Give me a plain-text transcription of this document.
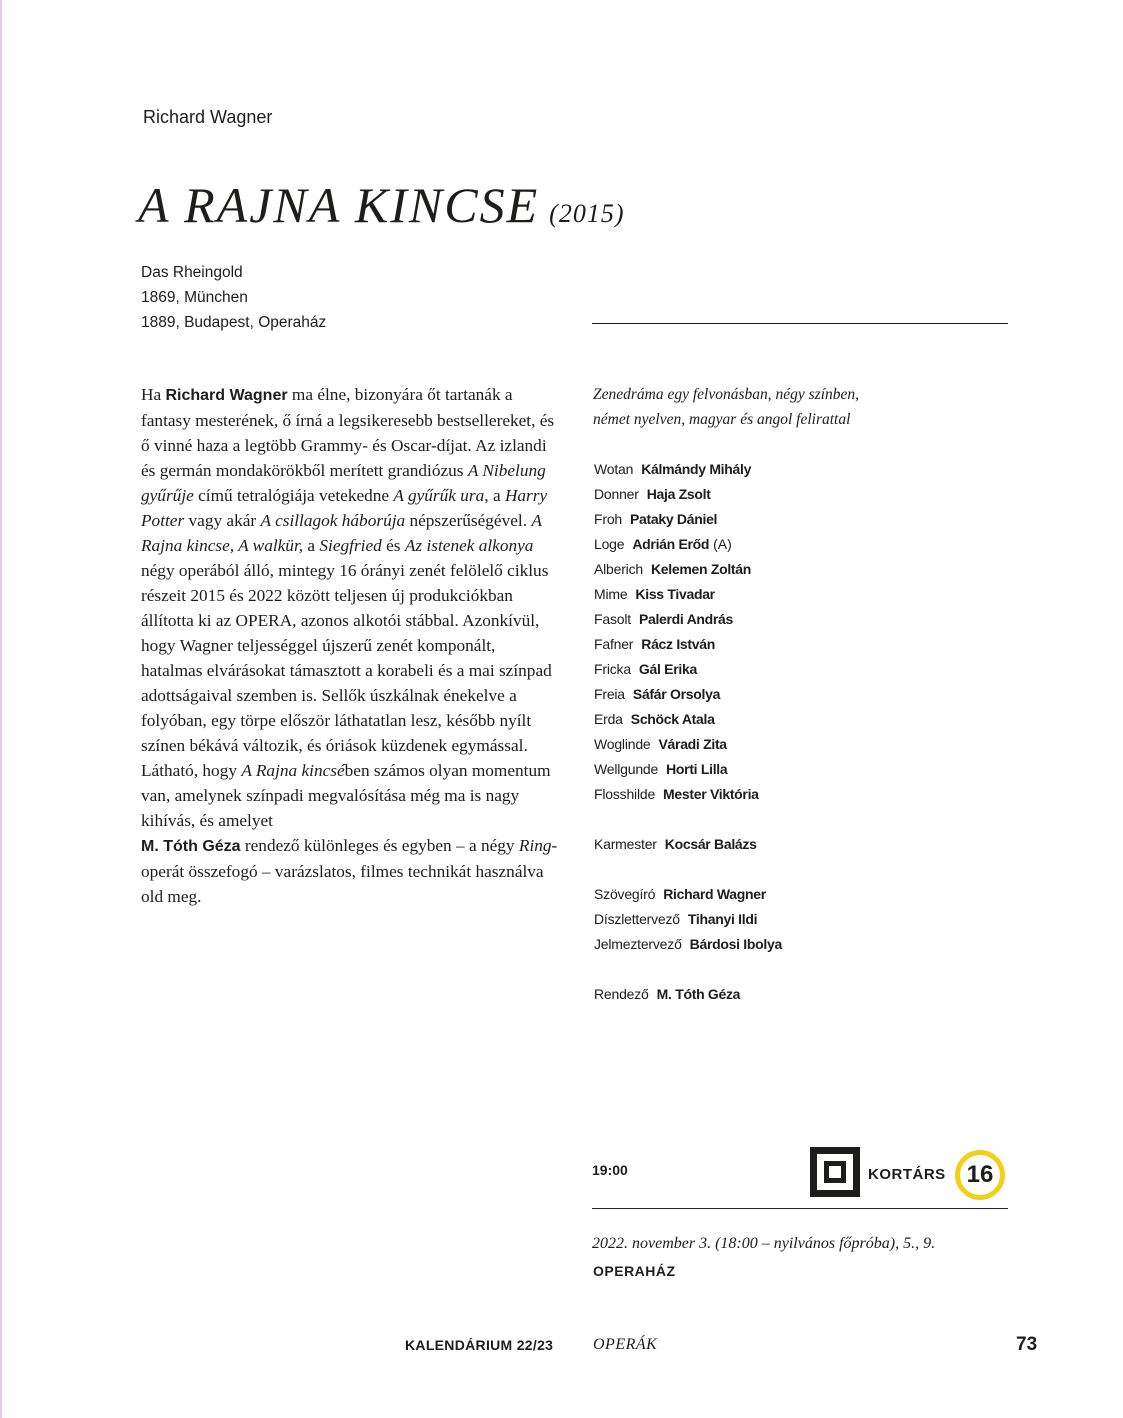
Richard Wagner
A RAJNA KINCSE (2015)
Das Rheingold
1869, München
1889, Budapest, Operaház

Ha Richard Wagner ma élne, bizonyára őt tartanák a fantasy mesterének, ő írná a legsikeresebb bestsellereket, és ő vinné haza a legtöbb Grammy- és Oscar-díjat. Az izlandi és germán mondakörökből merített grandiózus A Nibelung gyűrűje című tetralógiája vetekedne A gyűrűk ura, a Harry Potter vagy akár A csillagok háborúja népszerűségével. A Rajna kincse, A walkür, a Siegfried és Az istenek alkonya négy operából álló, mintegy 16 órányi zenét felölelő ciklus részeit 2015 és 2022 között teljesen új produkciókban állította ki az OPERA, azonos alkotói stábbal. Azonkívül, hogy Wagner teljességgel újszerű zenét komponált, hatalmas elvárásokat támasztott a korabeli és a mai színpad adottságaival szemben is. Sellők úszkálnak énekelve a folyóban, egy törpe először láthatatlan lesz, később nyílt színen békává változik, és óriások küzdenek egymással. Látható, hogy A Rajna kincsében számos olyan momentum van, amelynek színpadi megvalósítása még ma is nagy kihívás, és amelyet
M. Tóth Géza rendező különleges és egyben – a négy Ring-operát összefogó – varázslatos, filmes technikát használva old meg.

Zenedráma egy felvonásban, négy színben,
német nyelven, magyar és angol felirattal
Wotan Kálmándy Mihály
Donner Haja Zsolt
Froh Pataky Dániel
Loge Adrián Erőd (A)
Alberich Kelemen Zoltán
Mime Kiss Tivadar
Fasolt Palerdi András
Fafner Rácz István
Fricka Gál Erika
Freia Sáfár Orsolya
Erda Schöck Atala
Woglinde Váradi Zita
Wellgunde Horti Lilla
Flosshilde Mester Viktória
Karmester Kocsár Balázs
Szövegíró Richard Wagner
Díszlettervező Tihanyi Ildi
Jelmeztervező Bárdosi Ibolya
Rendező M. Tóth Géza
19:00	KORTÁRS 16
2022. november 3. (18:00 – nyilvános főpróba), 5., 9.
OPERAHÁZ
KALENDÁRIUM 22/23 OPERÁK	73
